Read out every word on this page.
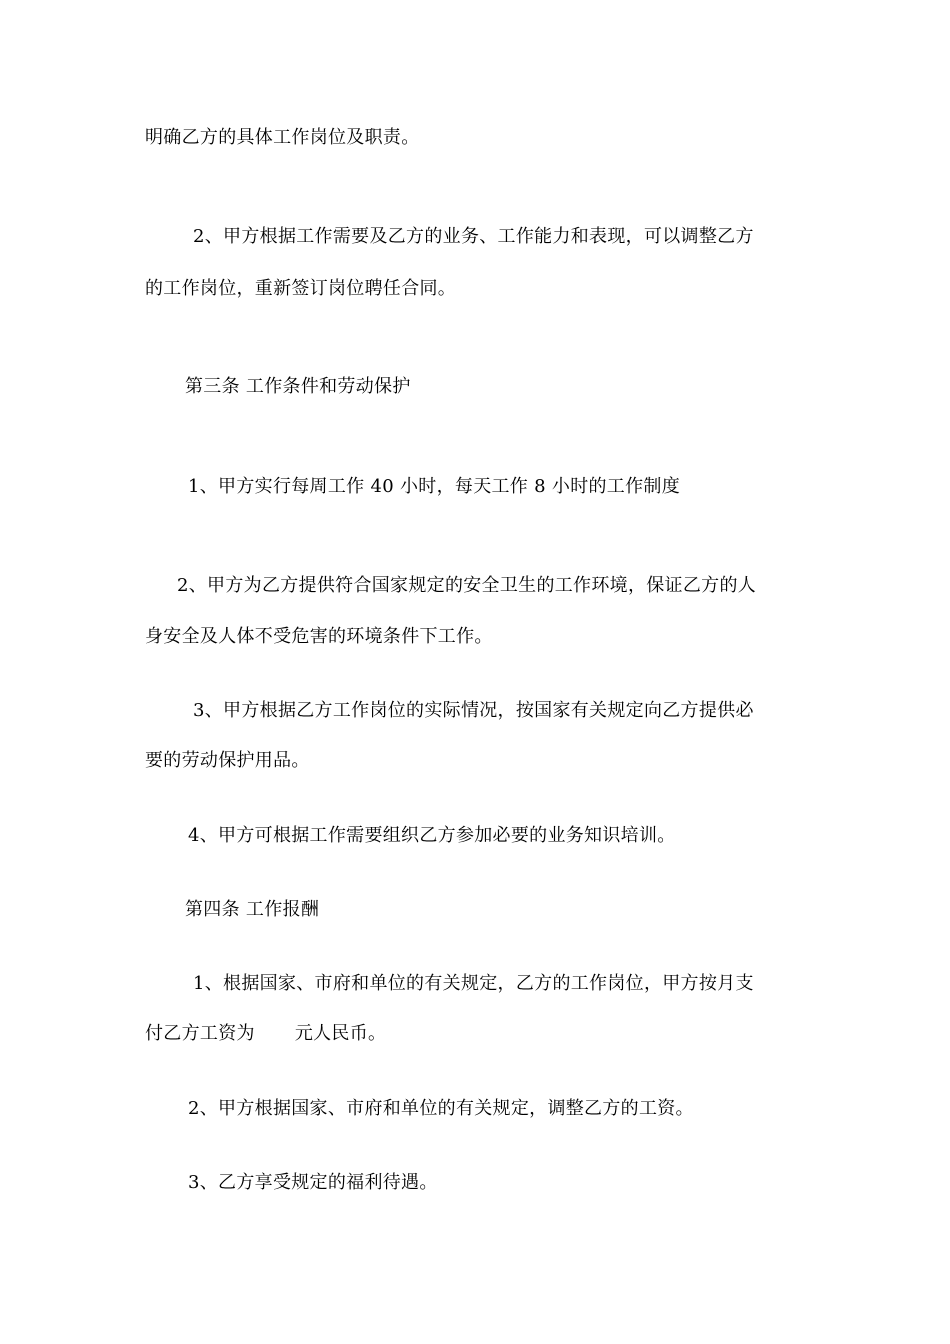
明确乙方的具体工作岗位及职责。
2、甲方根据工作需要及乙方的业务、工作能力和表现，可以调整乙方
的工作岗位，重新签订岗位聘任合同。
第三条 工作条件和劳动保护
1、甲方实行每周工作 40 小时，每天工作 8 小时的工作制度
2、甲方为乙方提供符合国家规定的安全卫生的工作环境，保证乙方的人
身安全及人体不受危害的环境条件下工作。
3、甲方根据乙方工作岗位的实际情况，按国家有关规定向乙方提供必
要的劳动保护用品。
4、甲方可根据工作需要组织乙方参加必要的业务知识培训。
第四条 工作报酬
1、根据国家、市府和单位的有关规定，乙方的工作岗位，甲方按月支
付乙方工资为 元人民币。
2、甲方根据国家、市府和单位的有关规定，调整乙方的工资。
3、乙方享受规定的福利待遇。
